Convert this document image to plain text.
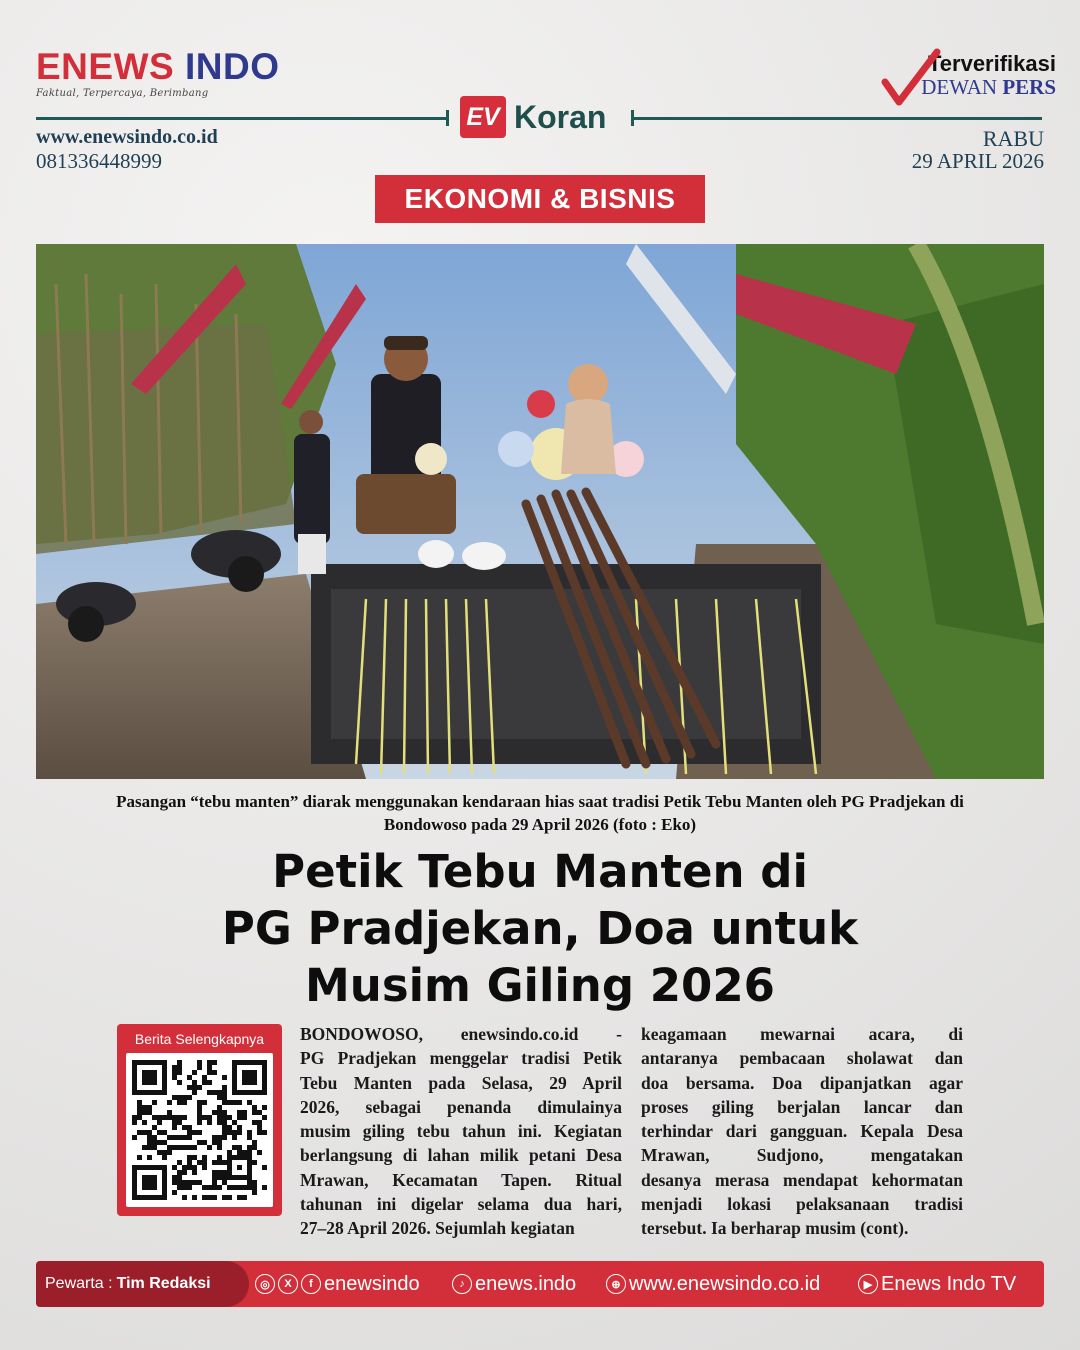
ENEWS INDO
Faktual, Terpercaya, Berimbang
Terverifikasi
DEWAN PERS
EV Koran
www.enewsindo.co.id
081336448999
RABU
29 APRIL 2026
EKONOMI & BISNIS
Pasangan “tebu manten” diarak menggunakan kendaraan hias saat tradisi Petik Tebu Manten oleh PG Pradjekan di
Bondowoso pada 29 April 2026 (foto : Eko)
Petik Tebu Manten di
PG Pradjekan, Doa untuk
Musim Giling 2026
Berita Selengkapnya	BONDOWOSO, enewsindo.co.id -
PG Pradjekan menggelar tradisi Petik
Tebu Manten pada Selasa, 29 April
2026, sebagai penanda dimulainya
musim giling tebu tahun ini. Kegiatan
berlangsung di lahan milik petani Desa
Mrawan, Kecamatan Tapen. Ritual
tahunan ini digelar selama dua hari,
27–28 April 2026. Sejumlah kegiatan
keagamaan mewarnai acara, di
antaranya pembacaan sholawat dan
doa bersama. Doa dipanjatkan agar
proses giling berjalan lancar dan
terhindar dari gangguan. Kepala Desa
Mrawan, Sudjono, mengatakan
desanya merasa mendapat kehormatan
menjadi lokasi pelaksanaan tradisi
tersebut. Ia berharap musim (cont).
Pewarta : Tim Redaksi	◎	X	f enewsindo	♪ enews.indo	⊕ www.enewsindo.co.id	▶ Enews Indo TV
